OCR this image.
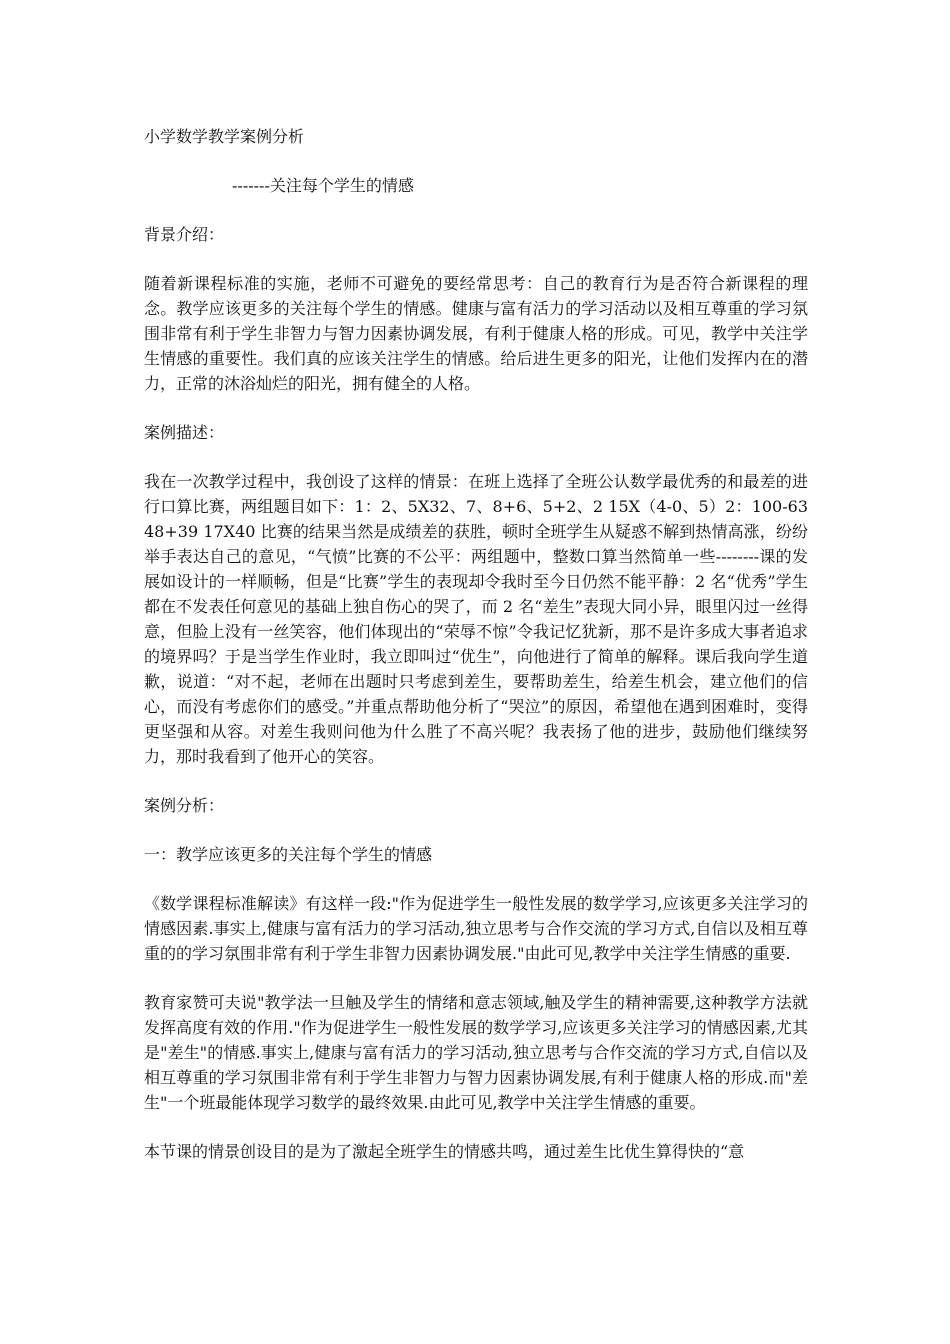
小学数学教学案例分析

-------关注每个学生的情感

背景介绍：

随着新课程标准的实施，老师不可避免的要经常思考：自己的教育行为是否符合新课程的理念。教学应该更多的关注每个学生的情感。健康与富有活力的学习活动以及相互尊重的学习氛围非常有利于学生非智力与智力因素协调发展，有利于健康人格的形成。可见，教学中关注学生情感的重要性。我们真的应该关注学生的情感。给后进生更多的阳光，让他们发挥内在的潜力，正常的沐浴灿烂的阳光，拥有健全的人格。

案例描述：

我在一次教学过程中，我创设了这样的情景：在班上选择了全班公认数学最优秀的和最差的进行口算比赛，两组题目如下：1：2、5X32、7、8+6、5+2、2 15X（4-0、5）2：100-63 48+39 17X40 比赛的结果当然是成绩差的获胜，顿时全班学生从疑惑不解到热情高涨，纷纷举手表达自己的意见，“气愤”比赛的不公平：两组题中，整数口算当然简单一些--------课的发展如设计的一样顺畅，但是“比赛”学生的表现却令我时至今日仍然不能平静：2 名“优秀”学生都在不发表任何意见的基础上独自伤心的哭了，而 2 名“差生”表现大同小异，眼里闪过一丝得意，但脸上没有一丝笑容，他们体现出的“荣辱不惊”令我记忆犹新，那不是许多成大事者追求的境界吗？于是当学生作业时，我立即叫过“优生”，向他进行了简单的解释。课后我向学生道歉，说道：“对不起，老师在出题时只考虑到差生，要帮助差生，给差生机会，建立他们的信心，而没有考虑你们的感受。”并重点帮助他分析了“哭泣”的原因，希望他在遇到困难时，变得更坚强和从容。对差生我则问他为什么胜了不高兴呢？我表扬了他的进步，鼓励他们继续努力，那时我看到了他开心的笑容。

案例分析：

一：教学应该更多的关注每个学生的情感

《数学课程标准解读》有这样一段:"作为促进学生一般性发展的数学学习,应该更多关注学习的情感因素.事实上,健康与富有活力的学习活动,独立思考与合作交流的学习方式,自信以及相互尊重的的学习氛围非常有利于学生非智力因素协调发展."由此可见,教学中关注学生情感的重要.

教育家赞可夫说"教学法一旦触及学生的情绪和意志领域,触及学生的精神需要,这种教学方法就发挥高度有效的作用."作为促进学生一般性发展的数学学习,应该更多关注学习的情感因素,尤其是"差生"的情感.事实上,健康与富有活力的学习活动,独立思考与合作交流的学习方式,自信以及相互尊重的学习氛围非常有利于学生非智力与智力因素协调发展,有利于健康人格的形成.而"差生"一个班最能体现学习数学的最终效果.由此可见,教学中关注学生情感的重要。

本节课的情景创设目的是为了激起全班学生的情感共鸣，通过差生比优生算得快的“意
